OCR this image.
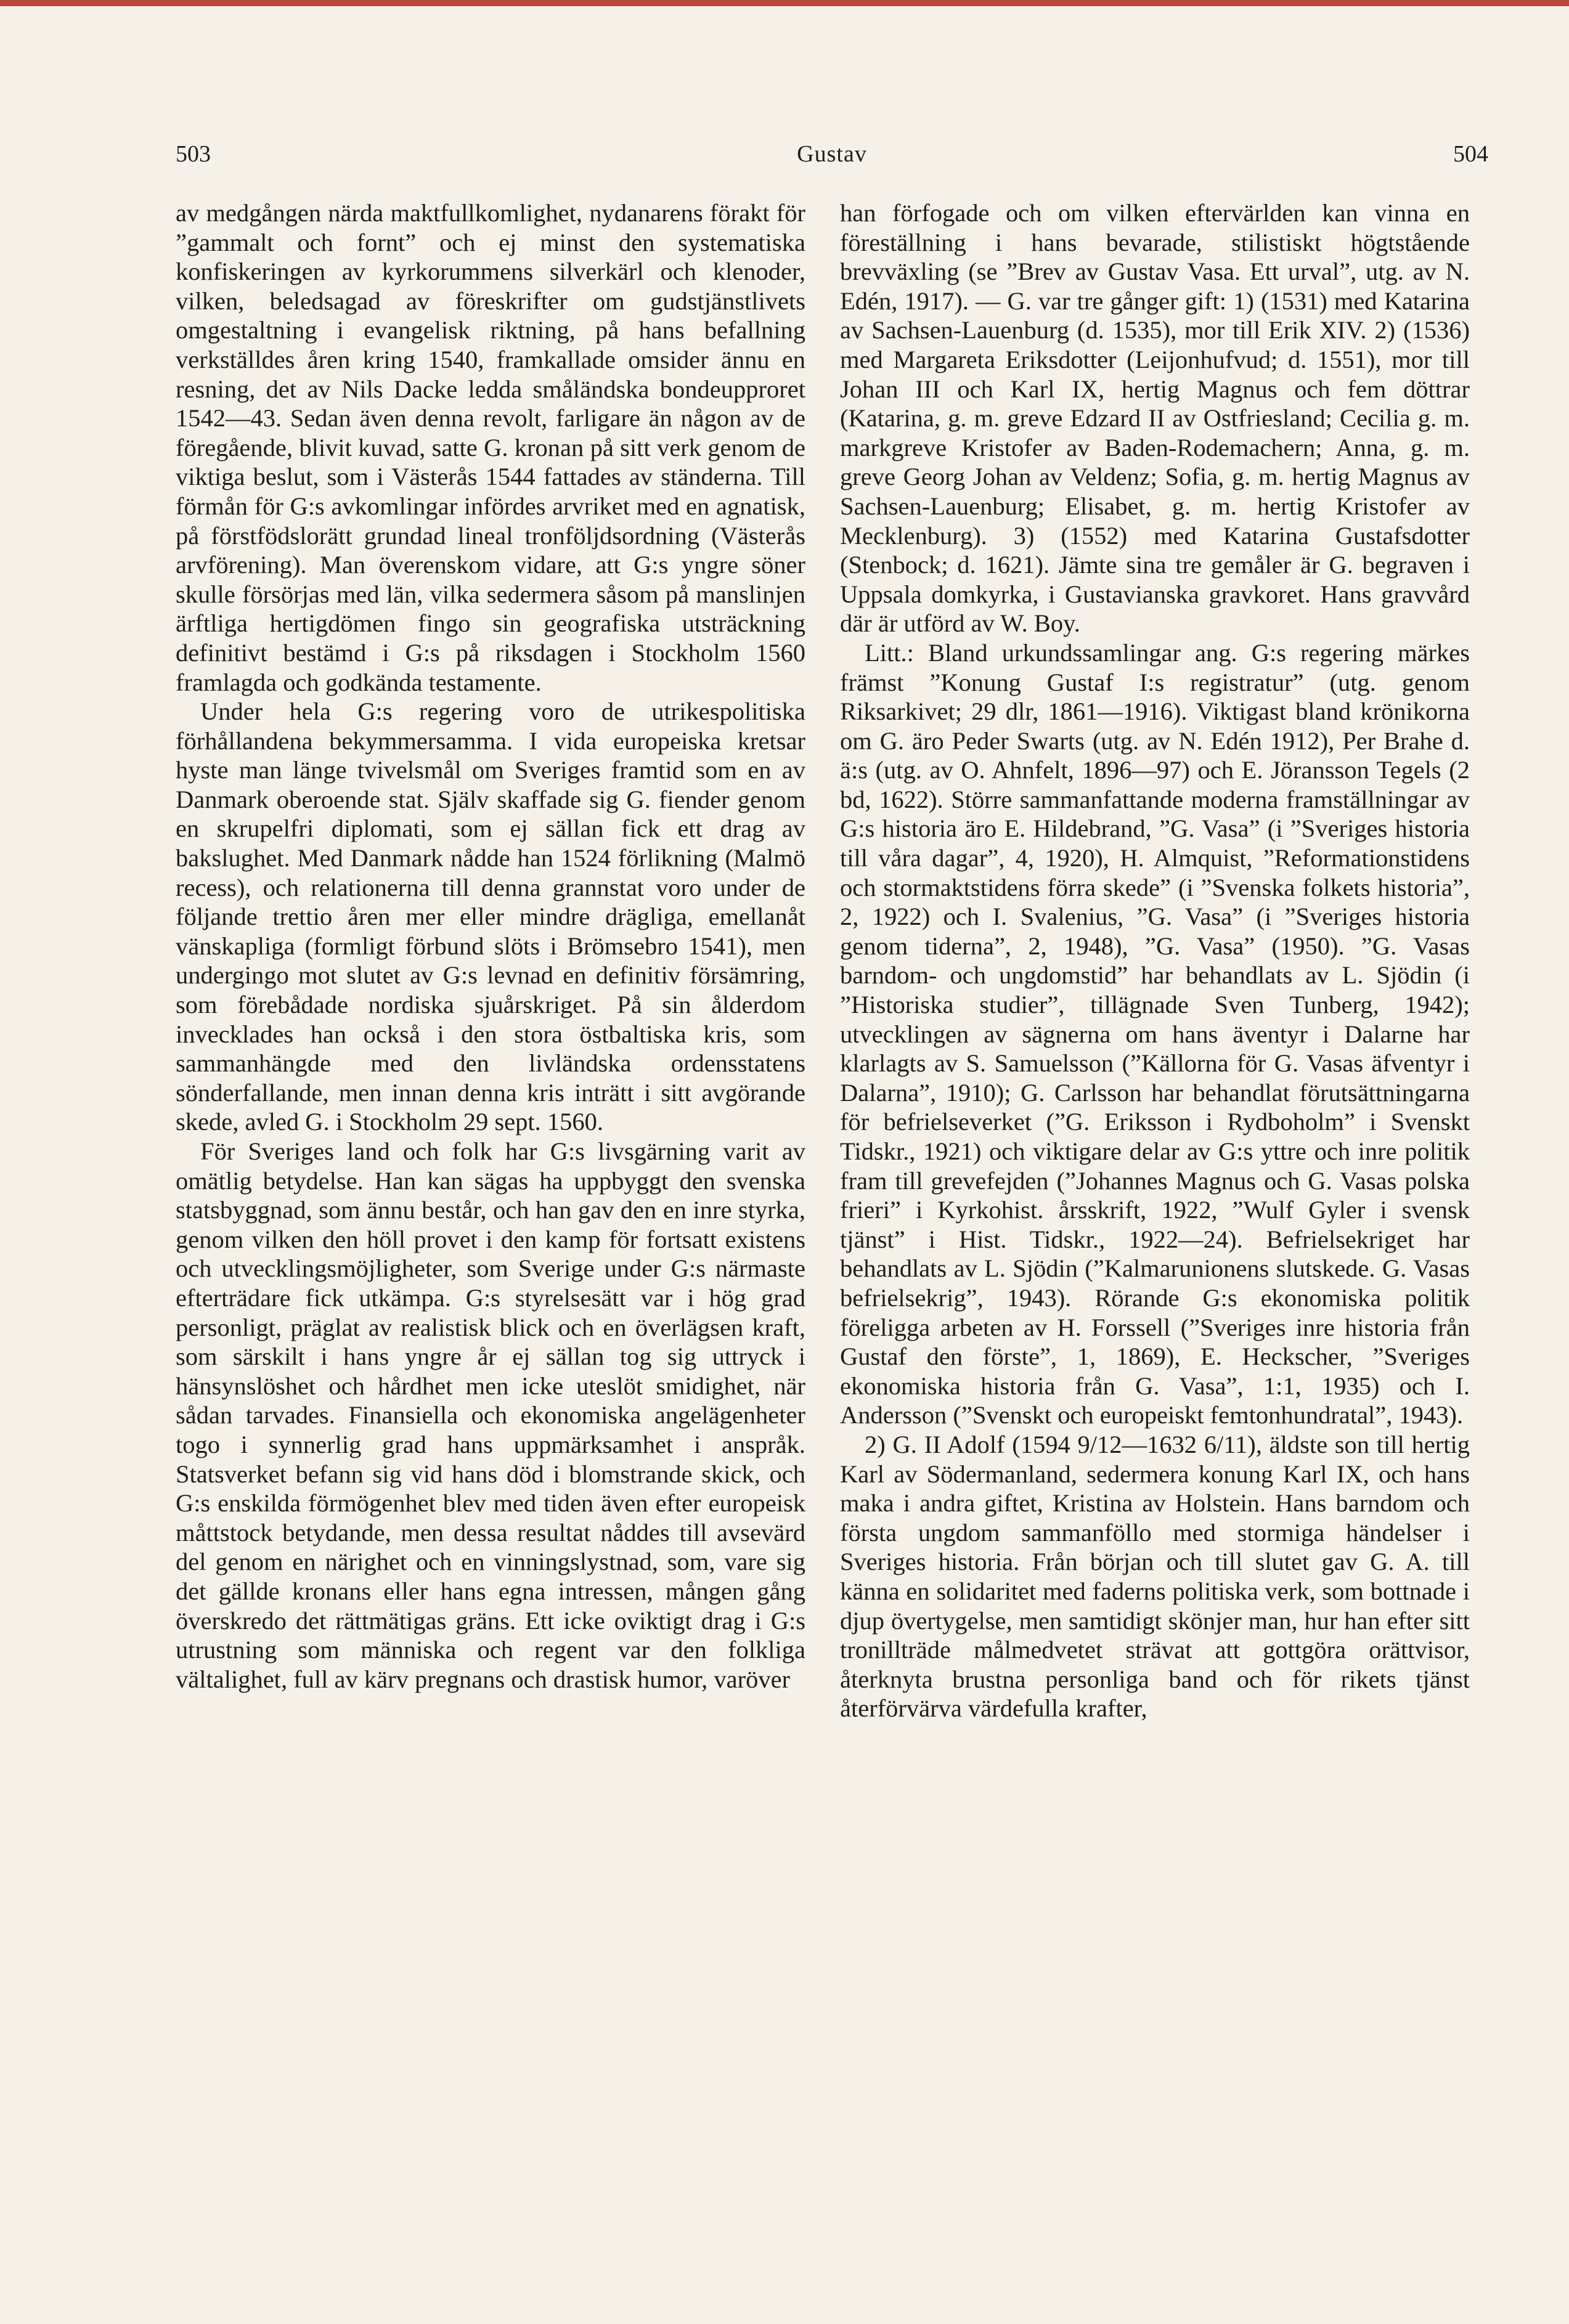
503	Gustav	504

av medgången närda maktfullkomlighet, nydanarens förakt för ”gammalt och fornt” och ej minst den systematiska konfiskeringen av kyrkorummens silverkärl och klenoder, vilken, beledsagad av föreskrifter om gudstjänstlivets omgestaltning i evangelisk riktning, på hans befallning verkställdes åren kring 1540, framkallade omsider ännu en resning, det av Nils Dacke ledda småländska bondeupproret 1542—43. Sedan även denna revolt, farligare än någon av de föregående, blivit kuvad, satte G. kronan på sitt verk genom de viktiga beslut, som i Västerås 1544 fattades av ständerna. Till förmån för G:s avkomlingar infördes arvriket med en agnatisk, på förstfödslorätt grundad lineal tronföljdsordning (Västerås arvförening). Man överenskom vidare, att G:s yngre söner skulle försörjas med län, vilka sedermera såsom på manslinjen ärftliga hertigdömen fingo sin geografiska utsträckning definitivt bestämd i G:s på riksdagen i Stockholm 1560 framlagda och godkända testamente.

Under hela G:s regering voro de utrikespolitiska förhållandena bekymmersamma. I vida europeiska kretsar hyste man länge tvivelsmål om Sveriges framtid som en av Danmark oberoende stat. Själv skaffade sig G. fiender genom en skrupelfri diplomati, som ej sällan fick ett drag av bakslughet. Med Danmark nådde han 1524 förlikning (Malmö recess), och relationerna till denna grannstat voro under de följande trettio åren mer eller mindre drägliga, emellanåt vänskapliga (formligt förbund slöts i Brömsebro 1541), men undergingo mot slutet av G:s levnad en definitiv försämring, som förebådade nordiska sjuårskriget. På sin ålderdom invecklades han också i den stora östbaltiska kris, som sammanhängde med den livländska ordensstatens sönderfallande, men innan denna kris inträtt i sitt avgörande skede, avled G. i Stockholm 29 sept. 1560.

För Sveriges land och folk har G:s livsgärning varit av omätlig betydelse. Han kan sägas ha uppbyggt den svenska statsbyggnad, som ännu består, och han gav den en inre styrka, genom vilken den höll provet i den kamp för fortsatt existens och utvecklingsmöjligheter, som Sverige under G:s närmaste efterträdare fick utkämpa. G:s styrelsesätt var i hög grad personligt, präglat av realistisk blick och en överlägsen kraft, som särskilt i hans yngre år ej sällan tog sig uttryck i hänsynslöshet och hårdhet men icke uteslöt smidighet, när sådan tarvades. Finansiella och ekonomiska angelägenheter togo i synnerlig grad hans uppmärksamhet i anspråk. Statsverket befann sig vid hans död i blomstrande skick, och G:s enskilda förmögenhet blev med tiden även efter europeisk måttstock betydande, men dessa resultat nåddes till avsevärd del genom en närighet och en vinningslystnad, som, vare sig det gällde kronans eller hans egna intressen, mången gång överskredo det rättmätigas gräns. Ett icke oviktigt drag i G:s utrustning som människa och regent var den folkliga vältalighet, full av kärv pregnans och drastisk humor, varöver

han förfogade och om vilken eftervärlden kan vinna en föreställning i hans bevarade, stilistiskt högtstående brevväxling (se ”Brev av Gustav Vasa. Ett urval”, utg. av N. Edén, 1917). — G. var tre gånger gift: 1) (1531) med Katarina av Sachsen-Lauenburg (d. 1535), mor till Erik XIV. 2) (1536) med Margareta Eriksdotter (Leijonhufvud; d. 1551), mor till Johan III och Karl IX, hertig Magnus och fem döttrar (Katarina, g. m. greve Edzard II av Ostfriesland; Cecilia g. m. markgreve Kristofer av Baden-Rodemachern; Anna, g. m. greve Georg Johan av Veldenz; Sofia, g. m. hertig Magnus av Sachsen-Lauenburg; Elisabet, g. m. hertig Kristofer av Mecklenburg). 3) (1552) med Katarina Gustafsdotter (Stenbock; d. 1621). Jämte sina tre gemåler är G. begraven i Uppsala domkyrka, i Gustavianska gravkoret. Hans gravvård där är utförd av W. Boy.

Litt.: Bland urkundssamlingar ang. G:s regering märkes främst ”Konung Gustaf I:s registratur” (utg. genom Riksarkivet; 29 dlr, 1861—1916). Viktigast bland krönikorna om G. äro Peder Swarts (utg. av N. Edén 1912), Per Brahe d. ä:s (utg. av O. Ahnfelt, 1896—97) och E. Jöransson Tegels (2 bd, 1622). Större sammanfattande moderna framställningar av G:s historia äro E. Hildebrand, ”G. Vasa” (i ”Sveriges historia till våra dagar”, 4, 1920), H. Almquist, ”Reformationstidens och stormaktstidens förra skede” (i ”Svenska folkets historia”, 2, 1922) och I. Svalenius, ”G. Vasa” (i ”Sveriges historia genom tiderna”, 2, 1948), ”G. Vasa” (1950). ”G. Vasas barndom- och ungdomstid” har behandlats av L. Sjödin (i ”Historiska studier”, tillägnade Sven Tunberg, 1942); utvecklingen av sägnerna om hans äventyr i Dalarne har klarlagts av S. Samuelsson (”Källorna för G. Vasas äfventyr i Dalarna”, 1910); G. Carlsson har behandlat förutsättningarna för befrielseverket (”G. Eriksson i Rydboholm” i Svenskt Tidskr., 1921) och viktigare delar av G:s yttre och inre politik fram till grevefejden (”Johannes Magnus och G. Vasas polska frieri” i Kyrkohist. årsskrift, 1922, ”Wulf Gyler i svensk tjänst” i Hist. Tidskr., 1922—24). Befrielsekriget har behandlats av L. Sjödin (”Kalmarunionens slutskede. G. Vasas befrielsekrig”, 1943). Rörande G:s ekonomiska politik föreligga arbeten av H. Forssell (”Sveriges inre historia från Gustaf den förste”, 1, 1869), E. Heckscher, ”Sveriges ekonomiska historia från G. Vasa”, 1:1, 1935) och I. Andersson (”Svenskt och europeiskt femtonhundratal”, 1943).

2) G. II Adolf (1594 9/12—1632 6/11), äldste son till hertig Karl av Södermanland, sedermera konung Karl IX, och hans maka i andra giftet, Kristina av Holstein. Hans barndom och första ungdom sammanföllo med stormiga händelser i Sveriges historia. Från början och till slutet gav G. A. till känna en solidaritet med faderns politiska verk, som bottnade i djup övertygelse, men samtidigt skönjer man, hur han efter sitt tronillträde målmedvetet strävat att gottgöra orättvisor, återknyta brustna personliga band och för rikets tjänst återförvärva värdefulla krafter,
